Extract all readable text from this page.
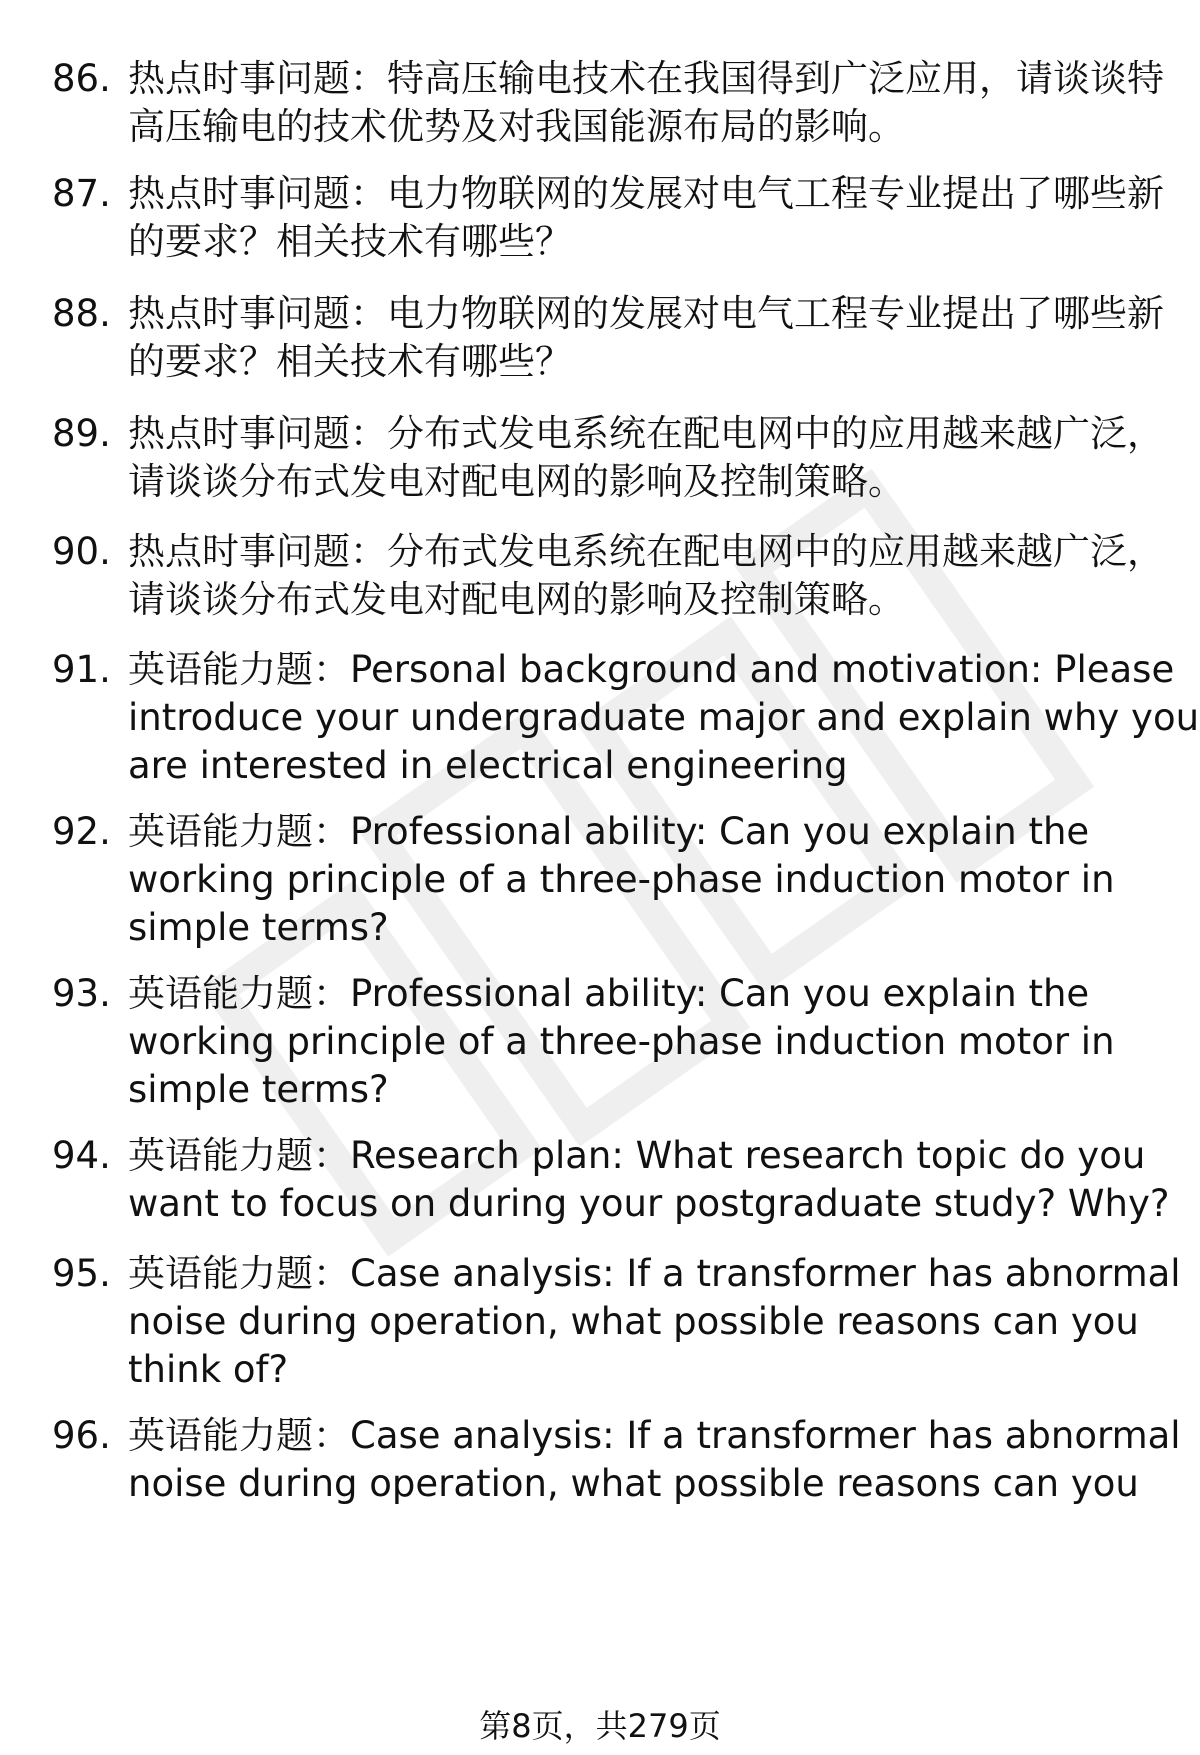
86. 热点时事问题：特高压输电技术在我国得到广泛应用，请谈谈特
高压输电的技术优势及对我国能源布局的影响。
87. 热点时事问题：电力物联网的发展对电气工程专业提出了哪些新
的要求？相关技术有哪些？
88. 热点时事问题：电力物联网的发展对电气工程专业提出了哪些新
的要求？相关技术有哪些？
89. 热点时事问题：分布式发电系统在配电网中的应用越来越广泛，
请谈谈分布式发电对配电网的影响及控制策略。
90. 热点时事问题：分布式发电系统在配电网中的应用越来越广泛，
请谈谈分布式发电对配电网的影响及控制策略。
91. 英语能力题：Personal background and motivation: Please
introduce your undergraduate major and explain why you
are interested in electrical engineering
92. 英语能力题：Professional ability: Can you explain the
working principle of a three-phase induction motor in
simple terms?
93. 英语能力题：Professional ability: Can you explain the
working principle of a three-phase induction motor in
simple terms?
94. 英语能力题：Research plan: What research topic do you
want to focus on during your postgraduate study? Why?
95. 英语能力题：Case analysis: If a transformer has abnormal
noise during operation, what possible reasons can you
think of?
96. 英语能力题：Case analysis: If a transformer has abnormal
noise during operation, what possible reasons can you
第8页，共279页
